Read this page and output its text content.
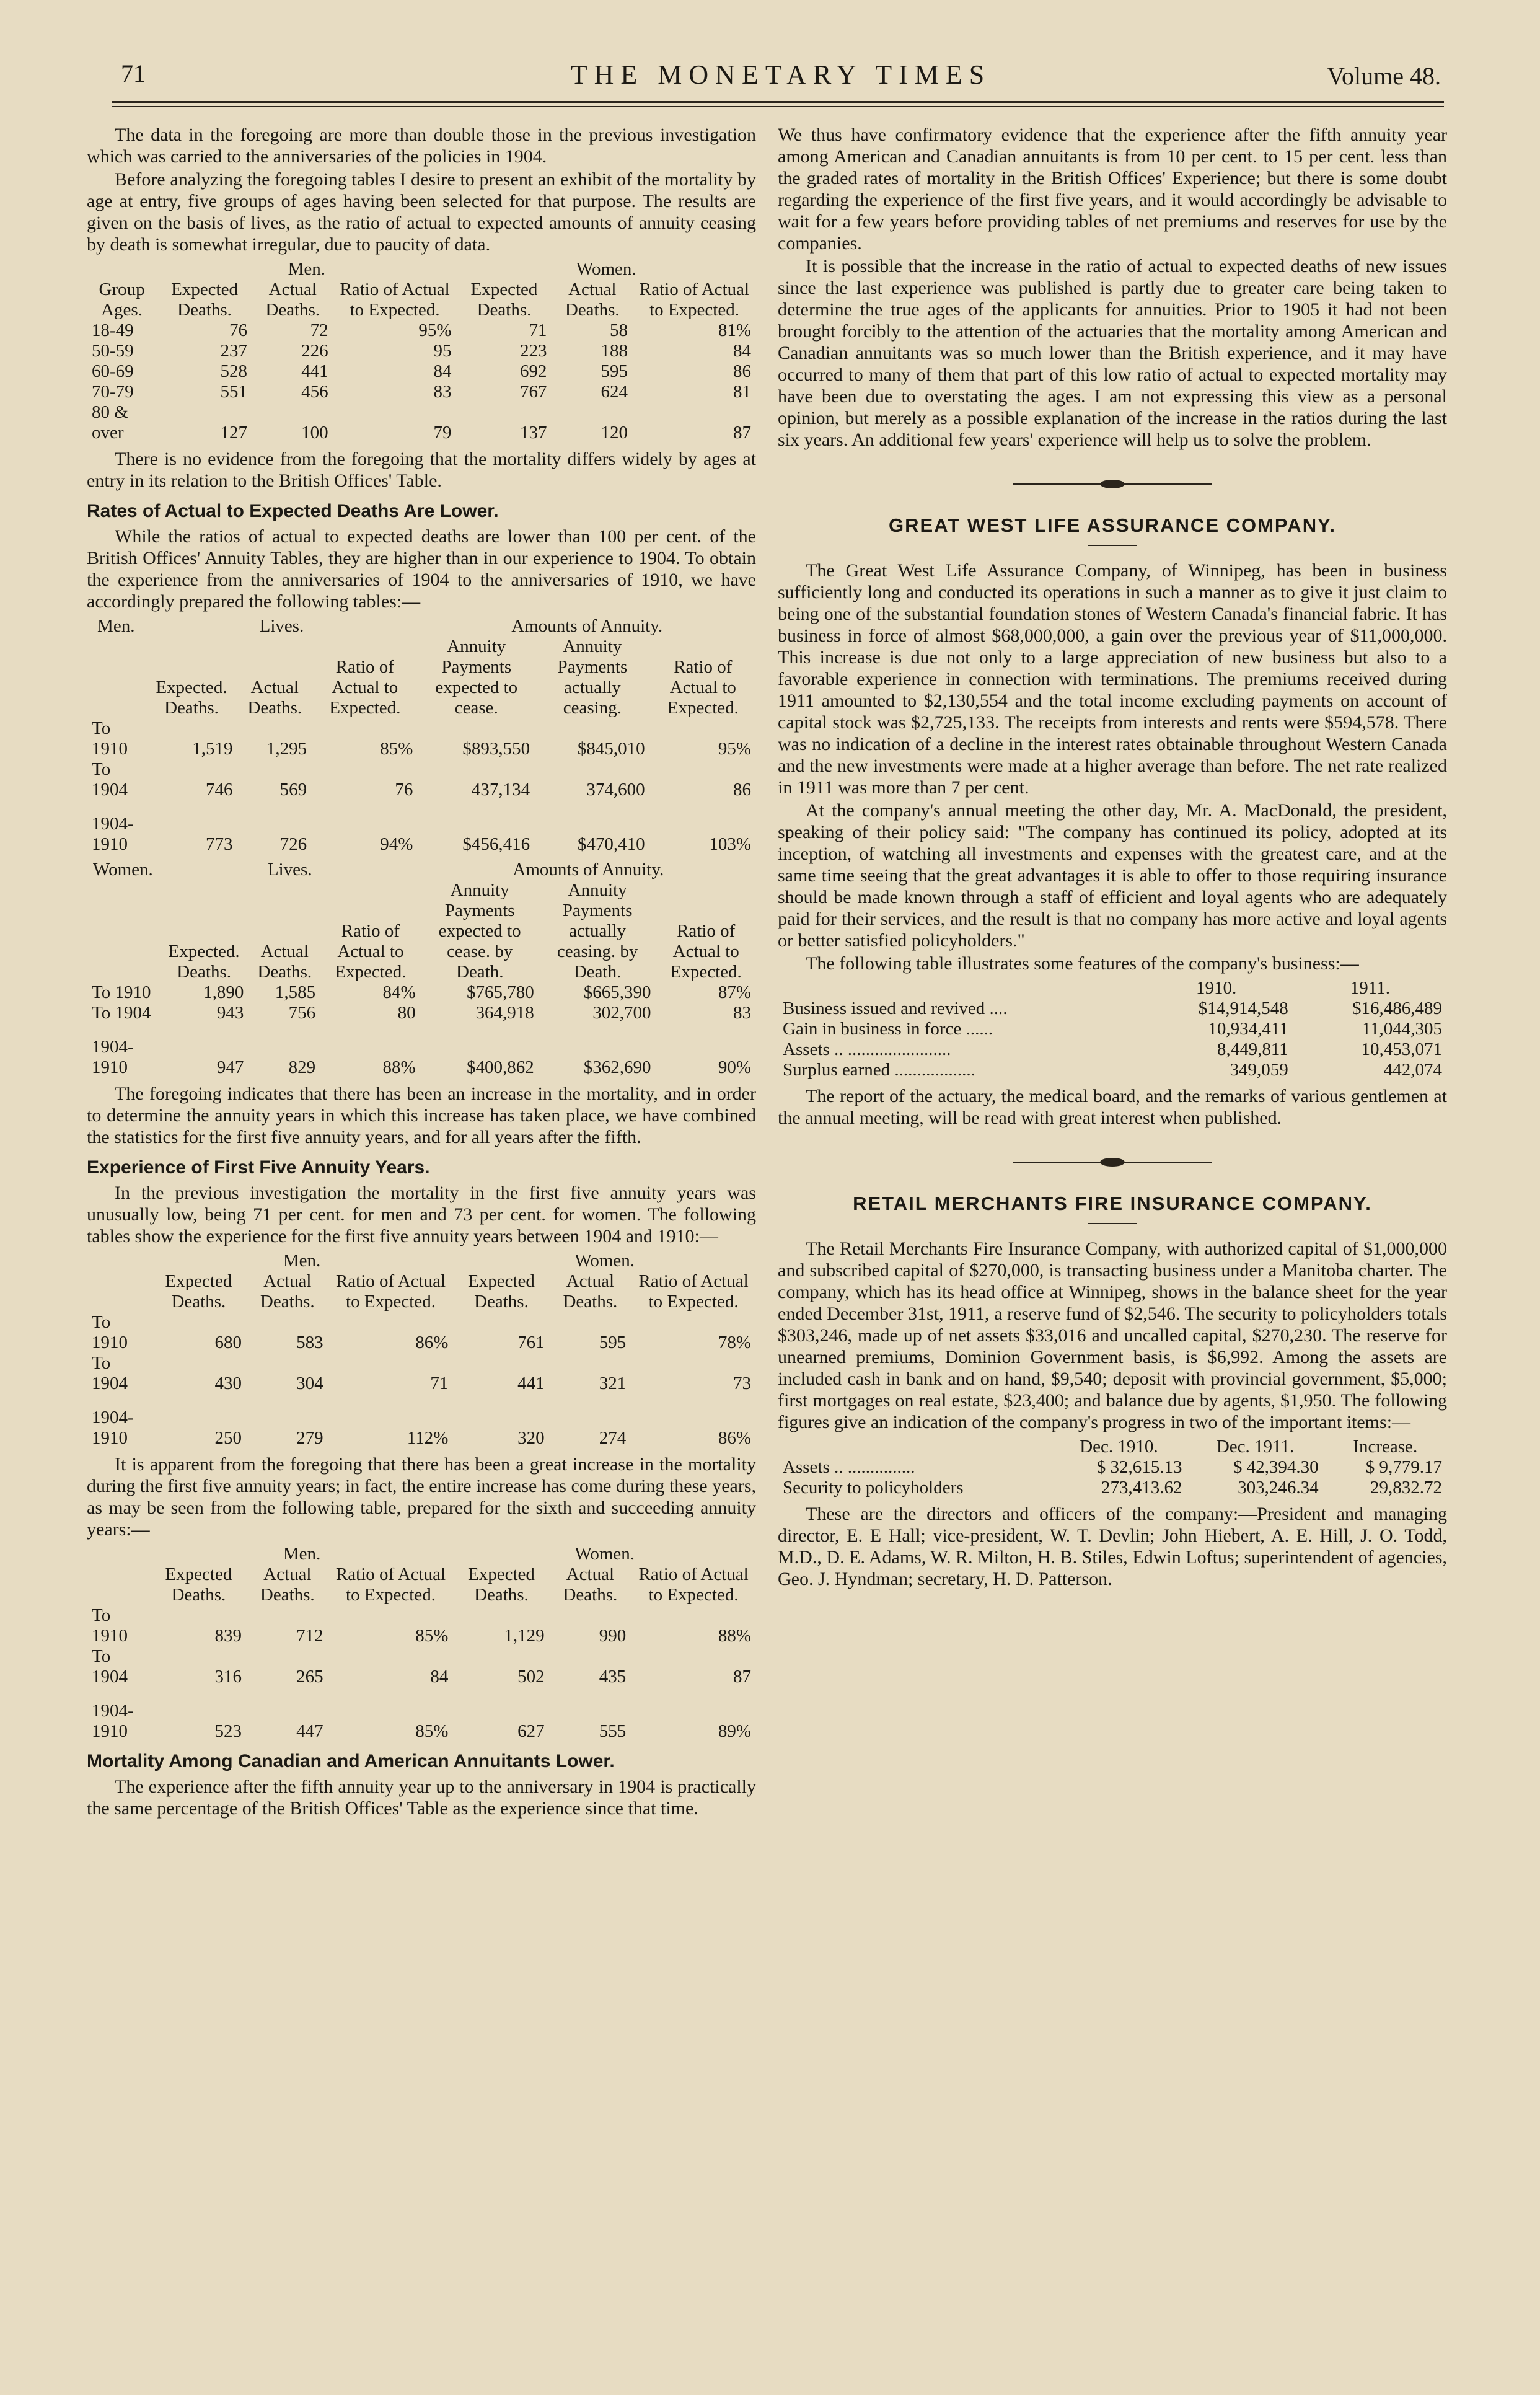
71	THE MONETARY TIMES	Volume 48.

The data in the foregoing are more than double those in the previous investigation which was carried to the anniversaries of the policies in 1904.

Before analyzing the foregoing tables I desire to present an exhibit of the mortality by age at entry, five groups of ages having been selected for that purpose. The results are given on the basis of lives, as the ratio of actual to expected amounts of annuity ceasing by death is somewhat irregular, due to paucity of data.

	Men.			Women.		
Group Ages.	Expected Deaths.	Actual Deaths.	Ratio of Actual to Expected.	Expected Deaths.	Actual Deaths.	Ratio of Actual to Expected.
18-49	76	72	95%	71	58	81%
50-59	237	226	95	223	188	84
60-69	528	441	84	692	595	86
70-79	551	456	83	767	624	81
80 & over	127	100	79	137	120	87

There is no evidence from the foregoing that the mortality differs widely by ages at entry in its relation to the British Offices' Table.

Rates of Actual to Expected Deaths Are Lower.

While the ratios of actual to expected deaths are lower than 100 per cent. of the British Offices' Annuity Tables, they are higher than in our experience to 1904. To obtain the experience from the anniversaries of 1904 to the anniversaries of 1910, we have accordingly prepared the following tables:—

Men.	Lives.			Amounts of Annuity.		
	Expected. Deaths.	Actual Deaths.	Ratio of Actual to Expected.	Annuity Payments expected to cease.	Annuity Payments actually ceasing.	Ratio of Actual to Expected.
To 1910	1,519	1,295	85%	$893,550	$845,010	95%
To 1904	746	569	76	437,134	374,600	86
1904-1910	773	726	94%	$456,416	$470,410	103%
Women.	Lives.			Amounts of Annuity.		
	Expected. Deaths.	Actual Deaths.	Ratio of Actual to Expected.	Annuity Payments expected to cease. by Death.	Annuity Payments actually ceasing. by Death.	Ratio of Actual to Expected.
To 1910	1,890	1,585	84%	$765,780	$665,390	87%
To 1904	943	756	80	364,918	302,700	83
1904-1910	947	829	88%	$400,862	$362,690	90%

The foregoing indicates that there has been an increase in the mortality, and in order to determine the annuity years in which this increase has taken place, we have combined the statistics for the first five annuity years, and for all years after the fifth.

Experience of First Five Annuity Years.

In the previous investigation the mortality in the first five annuity years was unusually low, being 71 per cent. for men and 73 per cent. for women. The following tables show the experience for the first five annuity years between 1904 and 1910:—

	Men.			Women.		
	Expected Deaths.	Actual Deaths.	Ratio of Actual to Expected.	Expected Deaths.	Actual Deaths.	Ratio of Actual to Expected.
To 1910	680	583	86%	761	595	78%
To 1904	430	304	71	441	321	73
1904-1910	250	279	112%	320	274	86%

It is apparent from the foregoing that there has been a great increase in the mortality during the first five annuity years; in fact, the entire increase has come during these years, as may be seen from the following table, prepared for the sixth and succeeding annuity years:—

	Men.			Women.		
	Expected Deaths.	Actual Deaths.	Ratio of Actual to Expected.	Expected Deaths.	Actual Deaths.	Ratio of Actual to Expected.
To 1910	839	712	85%	1,129	990	88%
To 1904	316	265	84	502	435	87
1904-1910	523	447	85%	627	555	89%
Mortality Among Canadian and American Annuitants Lower.

The experience after the fifth annuity year up to the anniversary in 1904 is practically the same percentage of the British Offices' Table as the experience since that time.

We thus have confirmatory evidence that the experience after the fifth annuity year among American and Canadian annuitants is from 10 per cent. to 15 per cent. less than the graded rates of mortality in the British Offices' Experience; but there is some doubt regarding the experience of the first five years, and it would accordingly be advisable to wait for a few years before providing tables of net premiums and reserves for use by the companies.

It is possible that the increase in the ratio of actual to expected deaths of new issues since the last experience was published is partly due to greater care being taken to determine the true ages of the applicants for annuities. Prior to 1905 it had not been brought forcibly to the attention of the actuaries that the mortality among American and Canadian annuitants was so much lower than the British experience, and it may have occurred to many of them that part of this low ratio of actual to expected mortality may have been due to overstating the ages. I am not expressing this view as a personal opinion, but merely as a possible explanation of the increase in the ratios during the last six years. An additional few years' experience will help us to solve the problem.

GREAT WEST LIFE ASSURANCE COMPANY.

The Great West Life Assurance Company, of Winnipeg, has been in business sufficiently long and conducted its operations in such a manner as to give it just claim to being one of the substantial foundation stones of Western Canada's financial fabric. It has business in force of almost $68,000,000, a gain over the previous year of $11,000,000. This increase is due not only to a large appreciation of new business but also to a favorable experience in connection with terminations. The premiums received during 1911 amounted to $2,130,554 and the total income excluding payments on account of capital stock was $2,725,133. The receipts from interests and rents were $594,578. There was no indication of a decline in the interest rates obtainable throughout Western Canada and the new investments were made at a higher average than before. The net rate realized in 1911 was more than 7 per cent.

At the company's annual meeting the other day, Mr. A. MacDonald, the president, speaking of their policy said: "The company has continued its policy, adopted at its inception, of watching all investments and expenses with the greatest care, and at the same time seeing that the great advantages it is able to offer to those requiring insurance should be made known through a staff of efficient and loyal agents who are adequately paid for their services, and the result is that no company has more active and loyal agents or better satisfied policyholders."

The following table illustrates some features of the company's business:—

	1910.	1911.
Business issued and revived ....	$14,914,548	$16,486,489
Gain in business in force ......	10,934,411	11,044,305
Assets .. .......................	8,449,811	10,453,071
Surplus earned ..................	349,059	442,074

The report of the actuary, the medical board, and the remarks of various gentlemen at the annual meeting, will be read with great interest when published.

RETAIL MERCHANTS FIRE INSURANCE COMPANY.

The Retail Merchants Fire Insurance Company, with authorized capital of $1,000,000 and subscribed capital of $270,000, is transacting business under a Manitoba charter. The company, which has its head office at Winnipeg, shows in the balance sheet for the year ended December 31st, 1911, a reserve fund of $2,546. The security to policyholders totals $303,246, made up of net assets $33,016 and uncalled capital, $270,230. The reserve for unearned premiums, Dominion Government basis, is $6,992. Among the assets are included cash in bank and on hand, $9,540; deposit with provincial government, $5,000; first mortgages on real estate, $23,400; and balance due by agents, $1,950. The following figures give an indication of the company's progress in two of the important items:—

	Dec. 1910.	Dec. 1911.	Increase.
Assets .. ...............	$ 32,615.13	$ 42,394.30	$ 9,779.17
Security to policyholders	273,413.62	303,246.34	29,832.72

These are the directors and officers of the company:—President and managing director, E. E Hall; vice-president, W. T. Devlin; John Hiebert, A. E. Hill, J. O. Todd, M.D., D. E. Adams, W. R. Milton, H. B. Stiles, Edwin Loftus; superintendent of agencies, Geo. J. Hyndman; secretary, H. D. Patterson.
